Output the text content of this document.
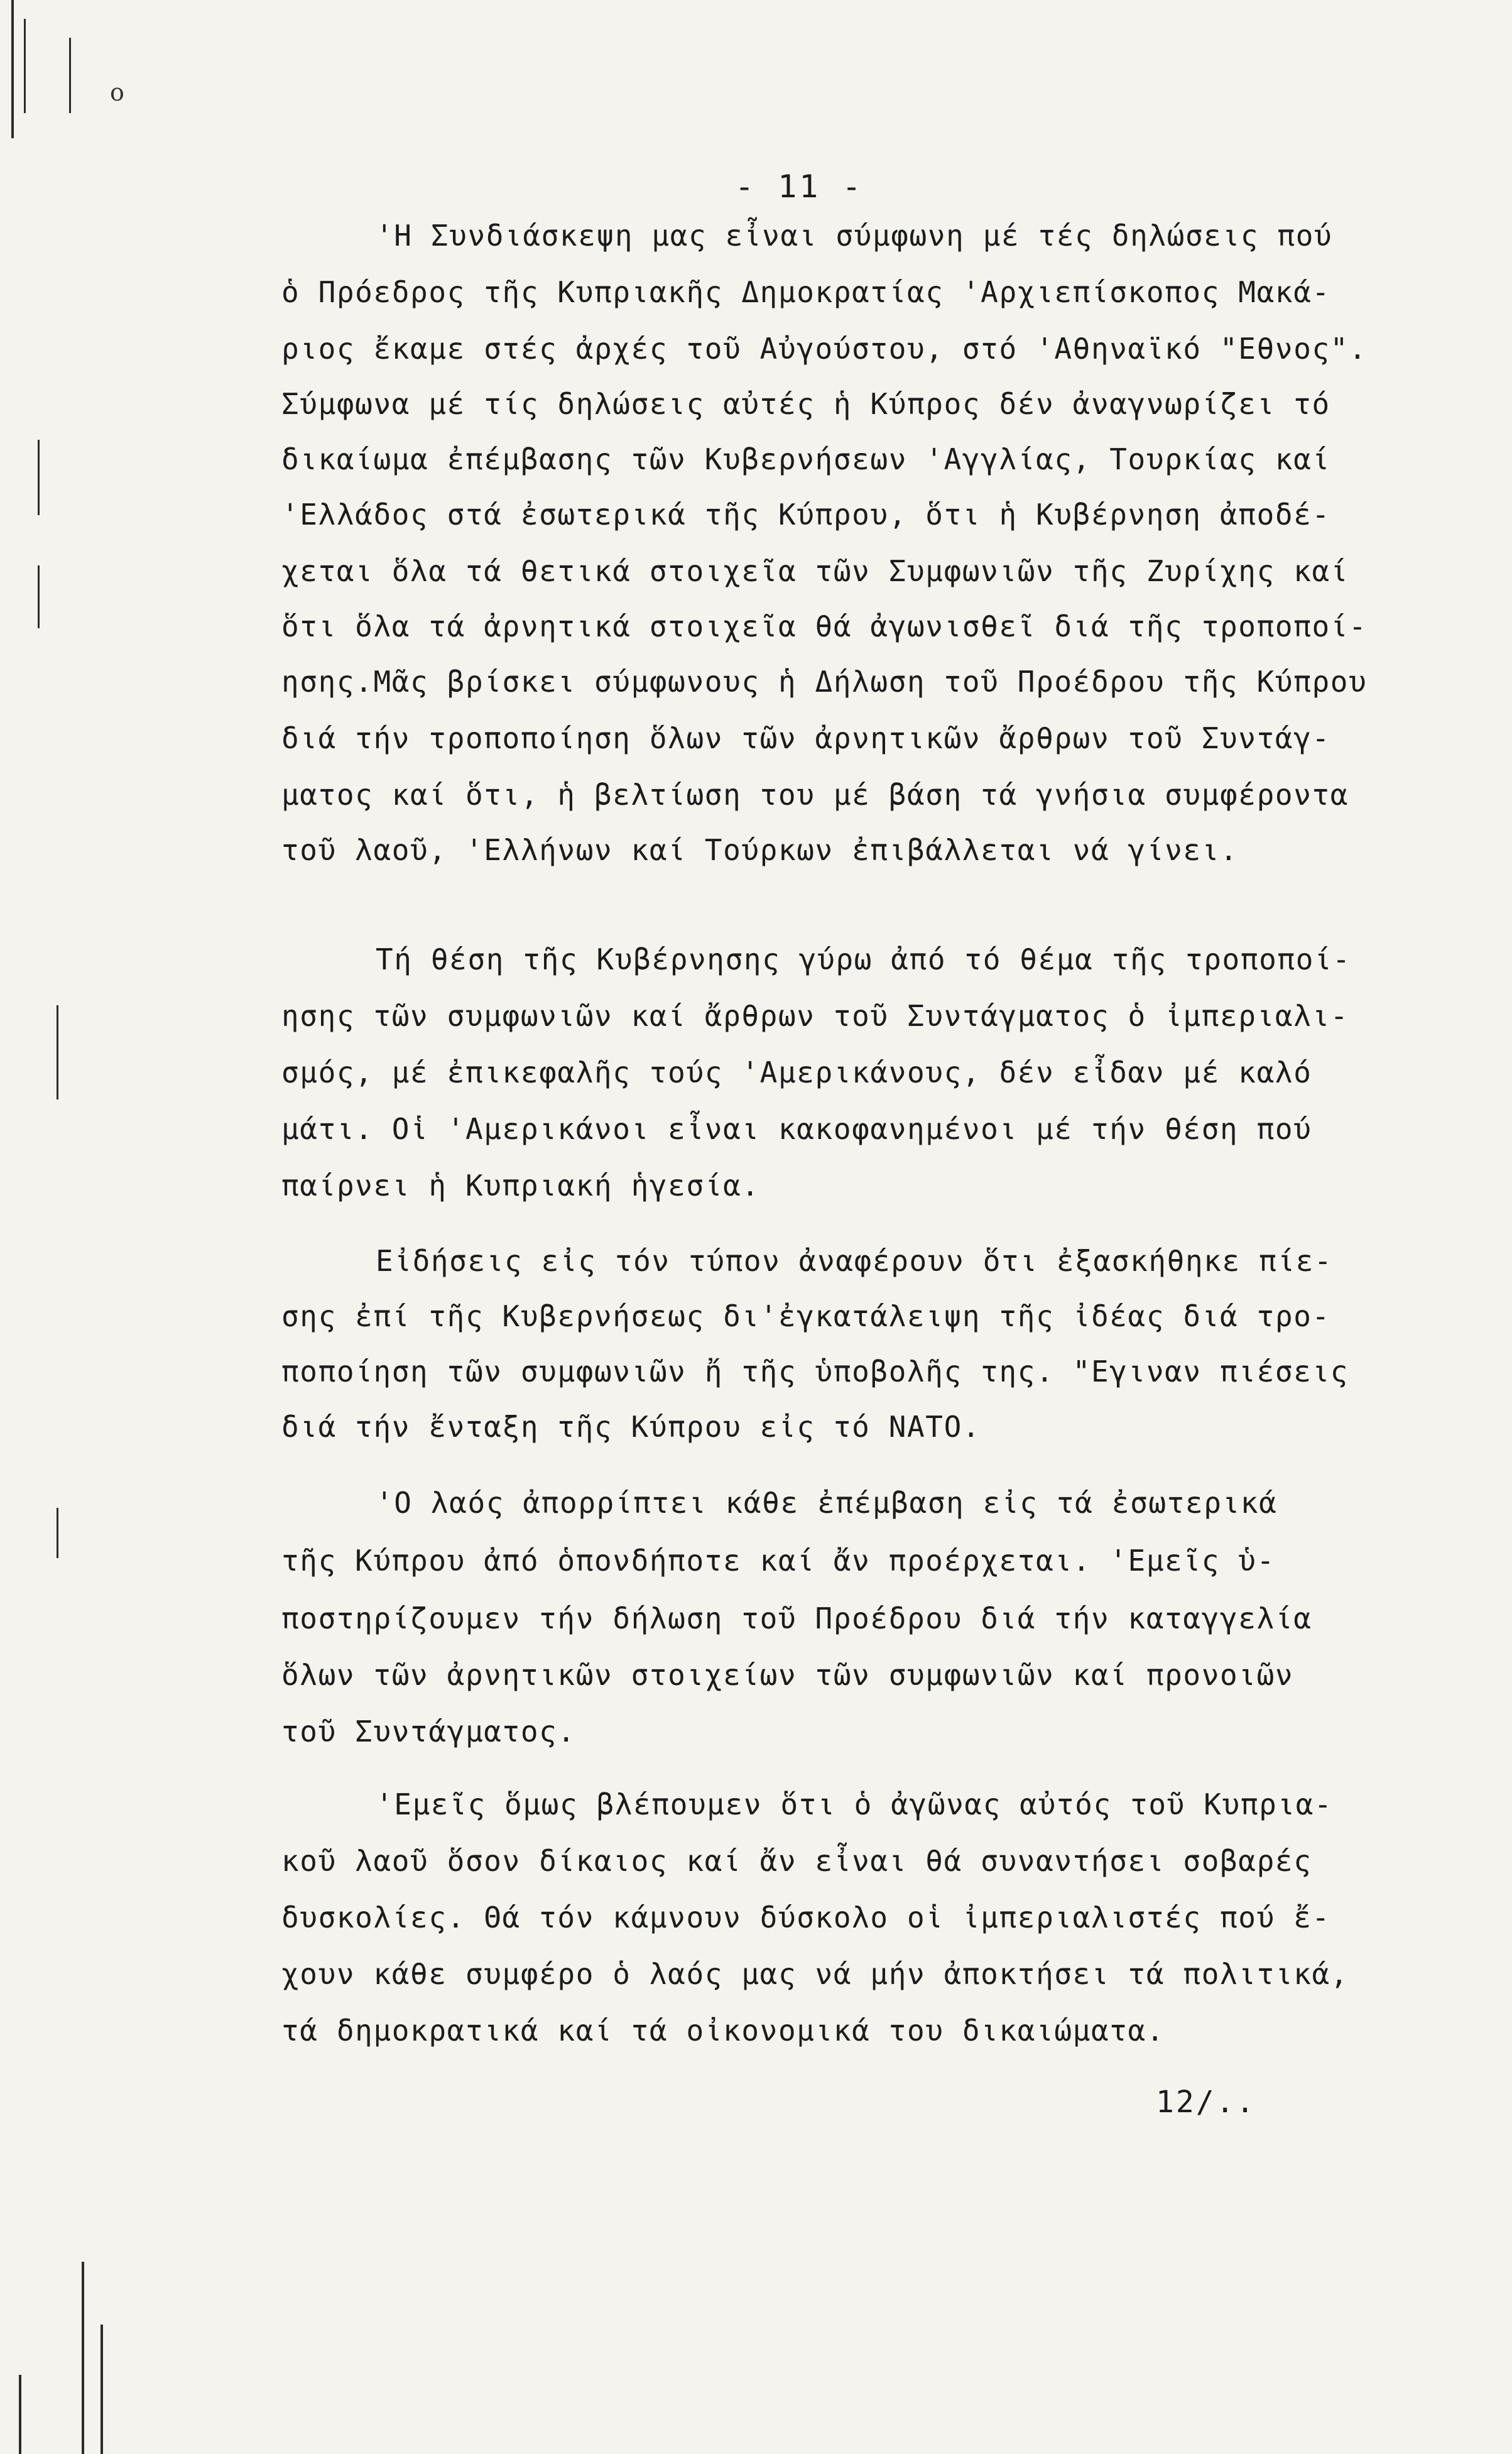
ο
- 11 -
'Η Συνδιάσκεψη μας εἶναι σύμφωνη μέ τές δηλώσεις πού
ὁ Πρόεδρος τῆς Κυπριακῆς Δημοκρατίας 'Αρχιεπίσκοπος Μακά-
ριος ἔκαμε στές ἀρχές τοῦ Αὐγούστου, στό 'Αθηναϊκό "Εθνος".
Σύμφωνα μέ τίς δηλώσεις αὐτές ἡ Κύπρος δέν ἀναγνωρίζει τό
δικαίωμα ἐπέμβασης τῶν Κυβερνήσεων 'Αγγλίας, Τουρκίας καί
'Ελλάδος στά ἐσωτερικά τῆς Κύπρου, ὅτι ἡ Κυβέρνηση ἀποδέ-
χεται ὅλα τά θετικά στοιχεῖα τῶν Συμφωνιῶν τῆς Ζυρίχης καί
ὅτι ὅλα τά ἀρνητικά στοιχεῖα θά ἀγωνισθεῖ διά τῆς τροποποί-
ησης.Μᾶς βρίσκει σύμφωνους ἡ Δήλωση τοῦ Προέδρου τῆς Κύπρου
διά τήν τροποποίηση ὅλων τῶν ἀρνητικῶν ἄρθρων τοῦ Συντάγ-
ματος καί ὅτι, ἡ βελτίωση του μέ βάση τά γνήσια συμφέροντα
τοῦ λαοῦ, 'Ελλήνων καί Τούρκων ἐπιβάλλεται νά γίνει.
Τή θέση τῆς Κυβέρνησης γύρω ἀπό τό θέμα τῆς τροποποί-
ησης τῶν συμφωνιῶν καί ἄρθρων τοῦ Συντάγματος ὁ ἰμπεριαλι-
σμός, μέ ἐπικεφαλῆς τούς 'Αμερικάνους, δέν εἶδαν μέ καλό
μάτι. Οἱ 'Αμερικάνοι εἶναι κακοφανημένοι μέ τήν θέση πού
παίρνει ἡ Κυπριακή ἡγεσία.
Εἰδήσεις εἰς τόν τύπον ἀναφέρουν ὅτι ἐξασκήθηκε πίε-
σης ἐπί τῆς Κυβερνήσεως δι'ἐγκατάλειψη τῆς ἰδέας διά τρο-
ποποίηση τῶν συμφωνιῶν ἤ τῆς ὑποβολῆς της. "Εγιναν πιέσεις
διά τήν ἔνταξη τῆς Κύπρου εἰς τό ΝΑΤΟ.
'Ο λαός ἀπορρίπτει κάθε ἐπέμβαση εἰς τά ἐσωτερικά
τῆς Κύπρου ἀπό ὁπονδήποτε καί ἄν προέρχεται. 'Εμεῖς ὑ-
ποστηρίζουμεν τήν δήλωση τοῦ Προέδρου διά τήν καταγγελία
ὅλων τῶν ἀρνητικῶν στοιχείων τῶν συμφωνιῶν καί προνοιῶν
τοῦ Συντάγματος.
'Εμεῖς ὅμως βλέπουμεν ὅτι ὁ ἀγῶνας αὐτός τοῦ Κυπρια-
κοῦ λαοῦ ὅσον δίκαιος καί ἄν εἶναι θά συναντήσει σοβαρές
δυσκολίες. Θά τόν κάμνουν δύσκολο οἱ ἰμπεριαλιστές πού ἔ-
χουν κάθε συμφέρο ὁ λαός μας νά μήν ἀποκτήσει τά πολιτικά,
τά δημοκρατικά καί τά οἰκονομικά του δικαιώματα.
12/..
